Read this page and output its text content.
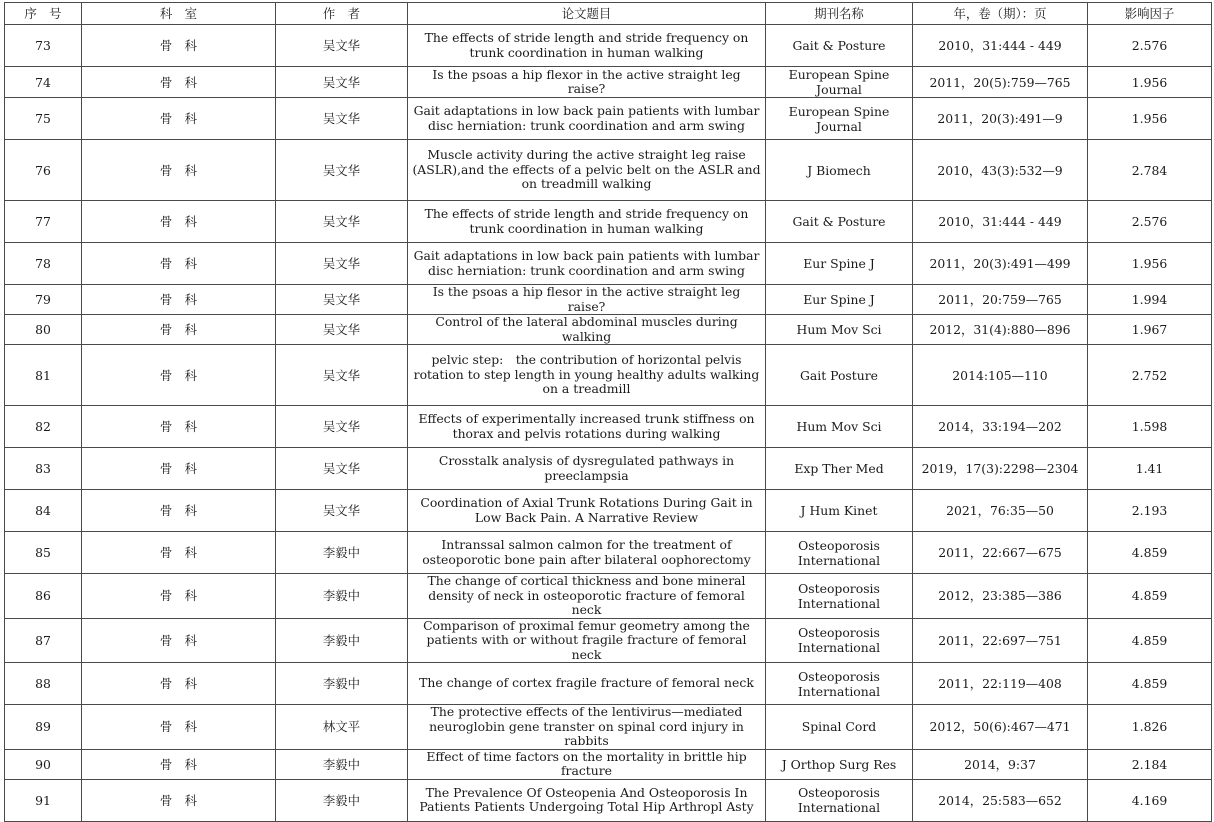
序　号	科　室	作　者	论文题目	期刊名称	年，卷（期）：页	影响因子
73	骨　科	吴文华	The effects of stride length and stride frequency on trunk coordination in human walking	Gait & Posture	2010，31:444 - 449	2.576
74	骨　科	吴文华	Is the psoas a hip flexor in the active straight leg raise?	European Spine Journal	2011，20(5):759—765	1.956
75	骨　科	吴文华	Gait adaptations in low back pain patients with lumbar disc herniation: trunk coordination and arm swing	European Spine Journal	2011，20(3):491—9	1.956
76	骨　科	吴文华	Muscle activity during the active straight leg raise (ASLR),and the effects of a pelvic belt on the ASLR and on treadmill walking	J Biomech	2010，43(3):532—9	2.784
77	骨　科	吴文华	The effects of stride length and stride frequency on trunk coordination in human walking	Gait & Posture	2010，31:444 - 449	2.576
78	骨　科	吴文华	Gait adaptations in low back pain patients with lumbar disc herniation: trunk coordination and arm swing	Eur Spine J	2011，20(3):491—499	1.956
79	骨　科	吴文华	Is the psoas a hip flesor in the active straight leg raise?	Eur Spine J	2011，20:759—765	1.994
80	骨　科	吴文华	Control of the lateral abdominal muscles during walking	Hum Mov Sci	2012，31(4):880—896	1.967
81	骨　科	吴文华	pelvic step:　the contribution of horizontal pelvis rotation to step length in young healthy adults walking on a treadmill	Gait Posture	2014:105—110	2.752
82	骨　科	吴文华	Effects of experimentally increased trunk stiffness on thorax and pelvis rotations during walking	Hum Mov Sci	2014，33:194—202	1.598
83	骨　科	吴文华	Crosstalk analysis of dysregulated pathways in preeclampsia	Exp Ther Med	2019，17(3):2298—2304	1.41
84	骨　科	吴文华	Coordination of Axial Trunk Rotations During Gait in Low Back Pain. A Narrative Review	J Hum Kinet	2021，76:35—50	2.193
85	骨　科	李毅中	Intranssal salmon calmon for the treatment of osteoporotic bone pain after bilateral oophorectomy	Osteoporosis International	2011，22:667—675	4.859
86	骨　科	李毅中	The change of cortical thickness and bone mineral density of neck in osteoporotic fracture of femoral neck	Osteoporosis International	2012，23:385—386	4.859
87	骨　科	李毅中	Comparison of proximal femur geometry among the patients with or without fragile fracture of femoral neck	Osteoporosis International	2011，22:697—751	4.859
88	骨　科	李毅中	The change of cortex fragile fracture of femoral neck	Osteoporosis International	2011，22:119—408	4.859
89	骨　科	林文平	The protective effects of the lentivirus—mediated neuroglobin gene transter on spinal cord injury in rabbits	Spinal Cord	2012，50(6):467—471	1.826
90	骨　科	李毅中	Effect of time factors on the mortality in brittle hip fracture	J Orthop Surg Res	2014，9:37	2.184
91	骨　科	李毅中	The Prevalence Of Osteopenia And Osteoporosis In Patients Patients Undergoing Total Hip Arthropl Asty	Osteoporosis International	2014，25:583—652	4.169
